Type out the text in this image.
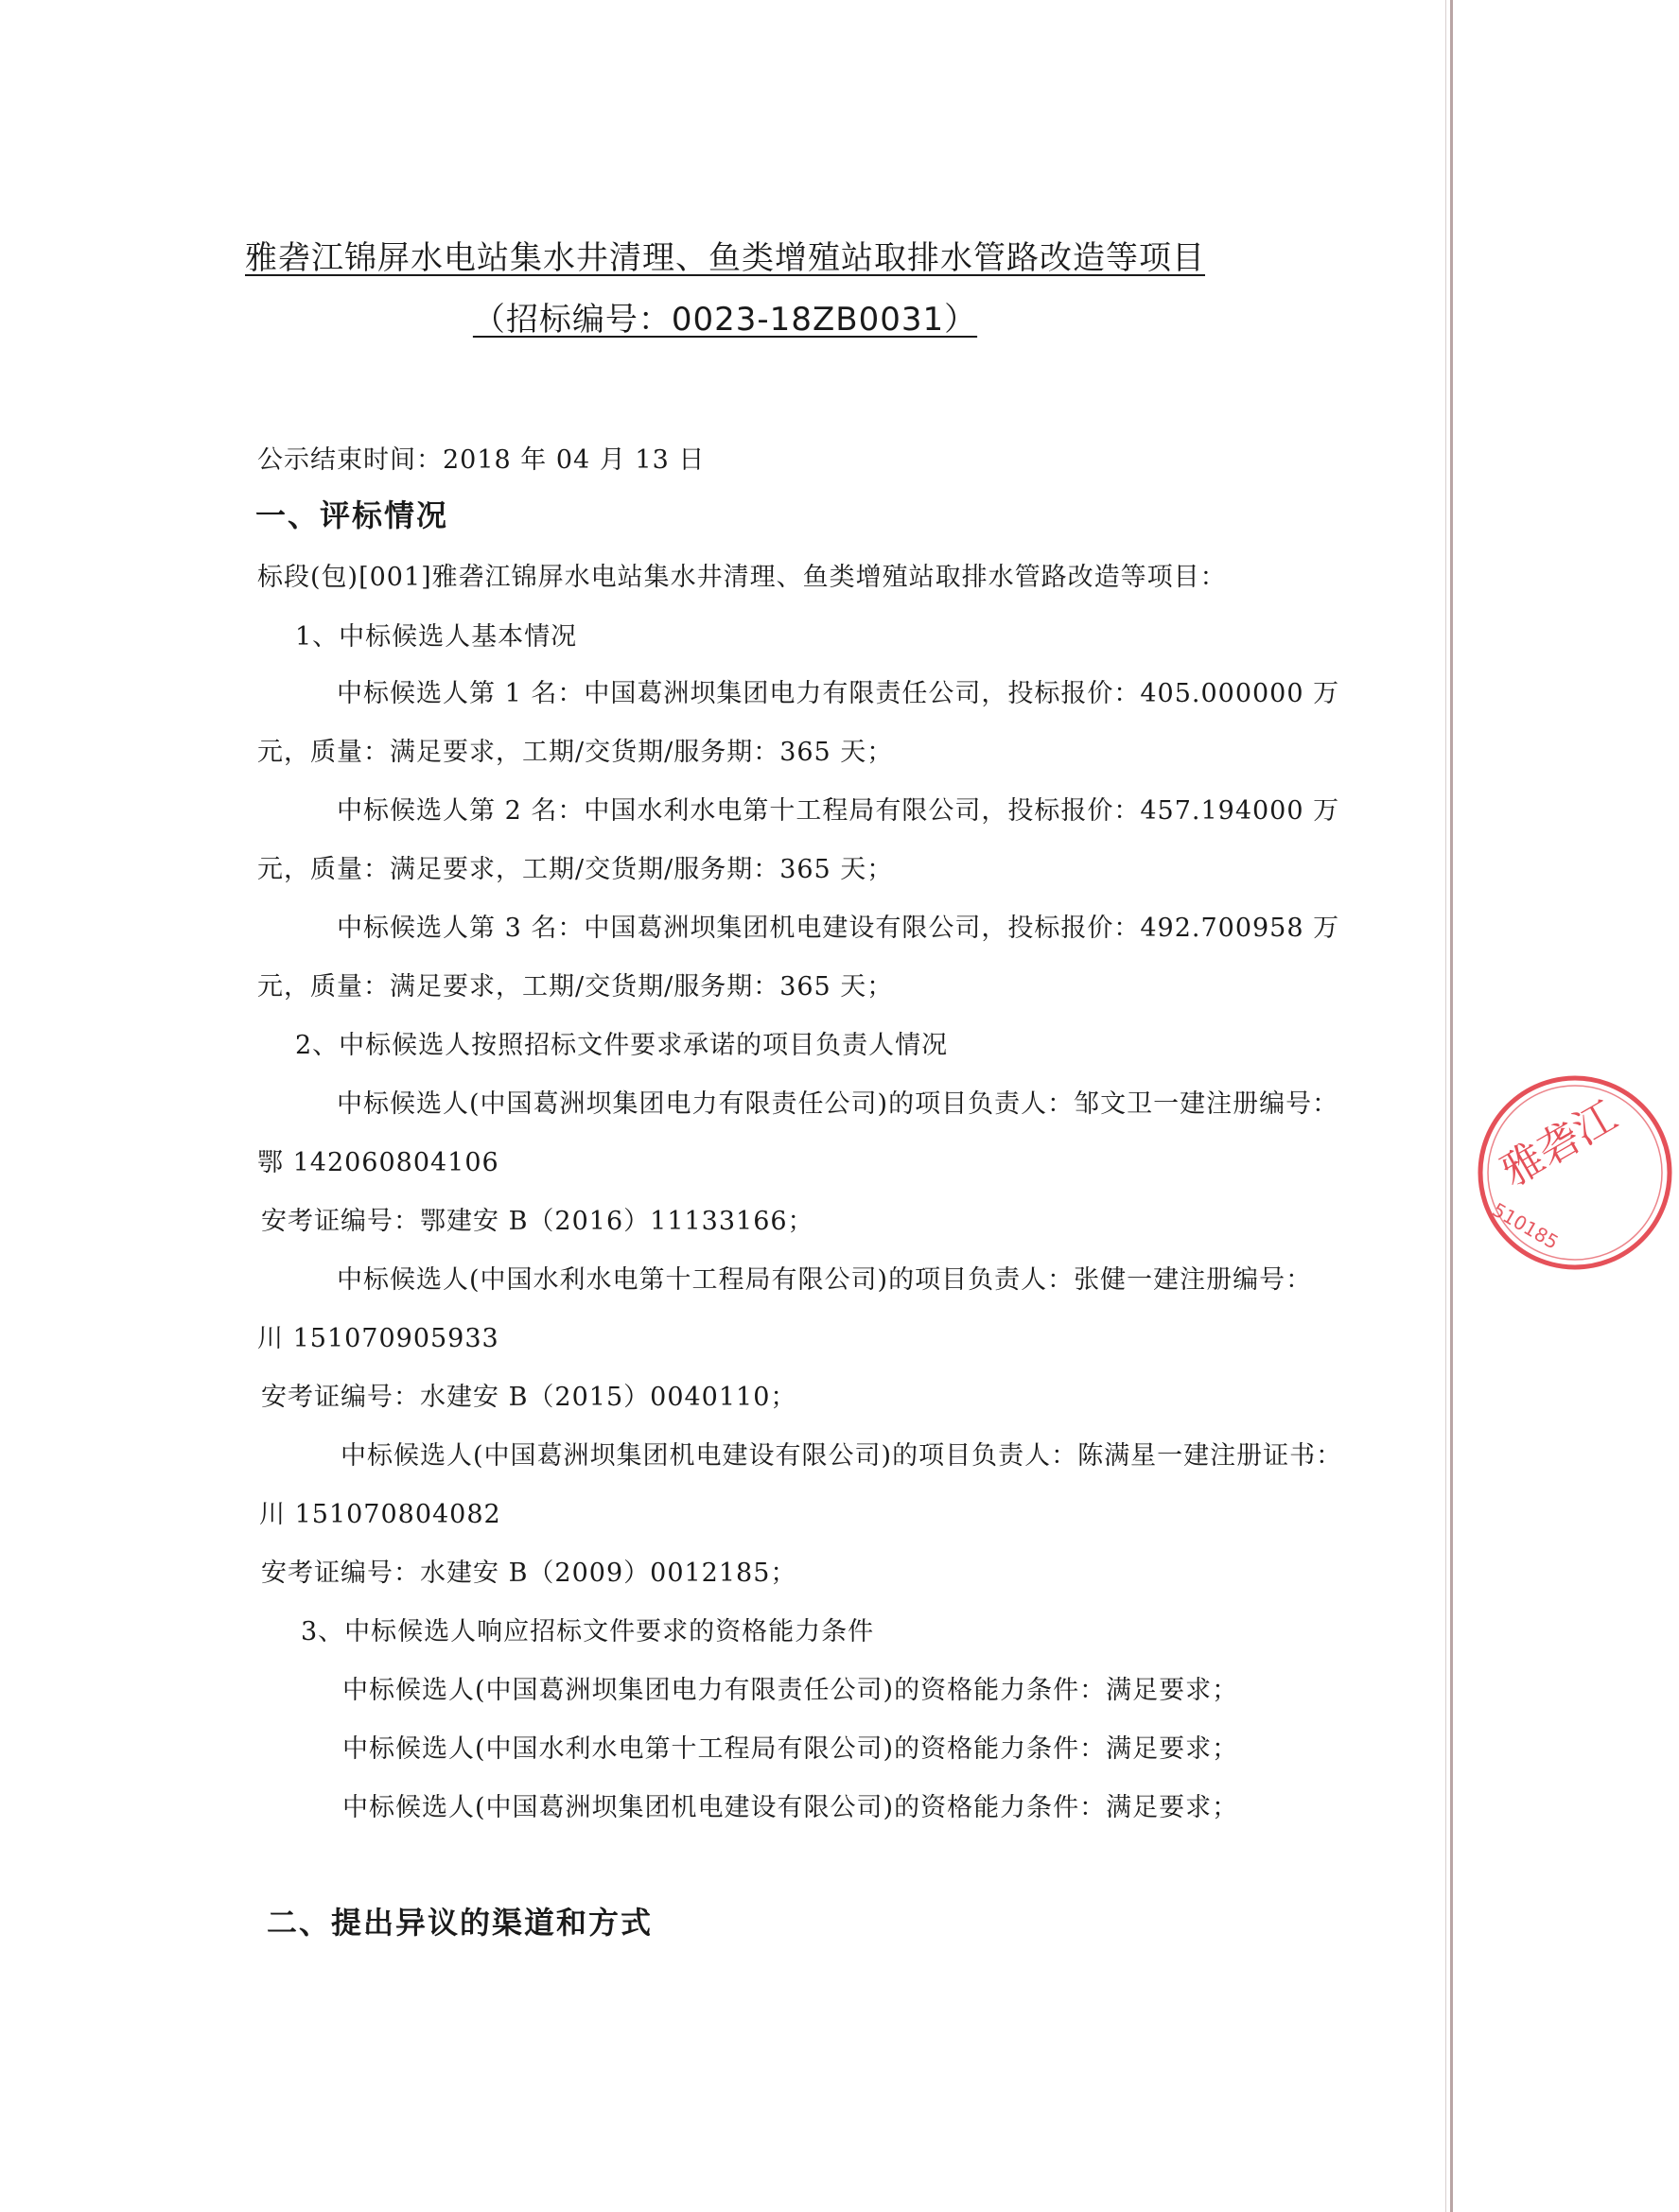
雅砻江锦屏水电站集水井清理、鱼类增殖站取排水管路改造等项目
（招标编号：0023-18ZB0031）
公示结束时间：2018 年 04 月 13 日
一、评标情况
标段(包)[001]雅砻江锦屏水电站集水井清理、鱼类增殖站取排水管路改造等项目：
1、中标候选人基本情况
中标候选人第 1 名：中国葛洲坝集团电力有限责任公司，投标报价：405.000000 万
元，质量：满足要求，工期/交货期/服务期：365 天；
中标候选人第 2 名：中国水利水电第十工程局有限公司，投标报价：457.194000 万
元，质量：满足要求，工期/交货期/服务期：365 天；
中标候选人第 3 名：中国葛洲坝集团机电建设有限公司，投标报价：492.700958 万
元，质量：满足要求，工期/交货期/服务期：365 天；
2、中标候选人按照招标文件要求承诺的项目负责人情况
中标候选人(中国葛洲坝集团电力有限责任公司)的项目负责人：邹文卫一建注册编号：
鄂 142060804106
安考证编号：鄂建安 B（2016）11133166；
中标候选人(中国水利水电第十工程局有限公司)的项目负责人：张健一建注册编号：
川 151070905933
安考证编号：水建安 B（2015）0040110；
中标候选人(中国葛洲坝集团机电建设有限公司)的项目负责人：陈满星一建注册证书：
川 151070804082
安考证编号：水建安 B（2009）0012185；
3、中标候选人响应招标文件要求的资格能力条件
中标候选人(中国葛洲坝集团电力有限责任公司)的资格能力条件：满足要求；
中标候选人(中国水利水电第十工程局有限公司)的资格能力条件：满足要求；
中标候选人(中国葛洲坝集团机电建设有限公司)的资格能力条件：满足要求；
二、提出异议的渠道和方式
雅砻江
510185
